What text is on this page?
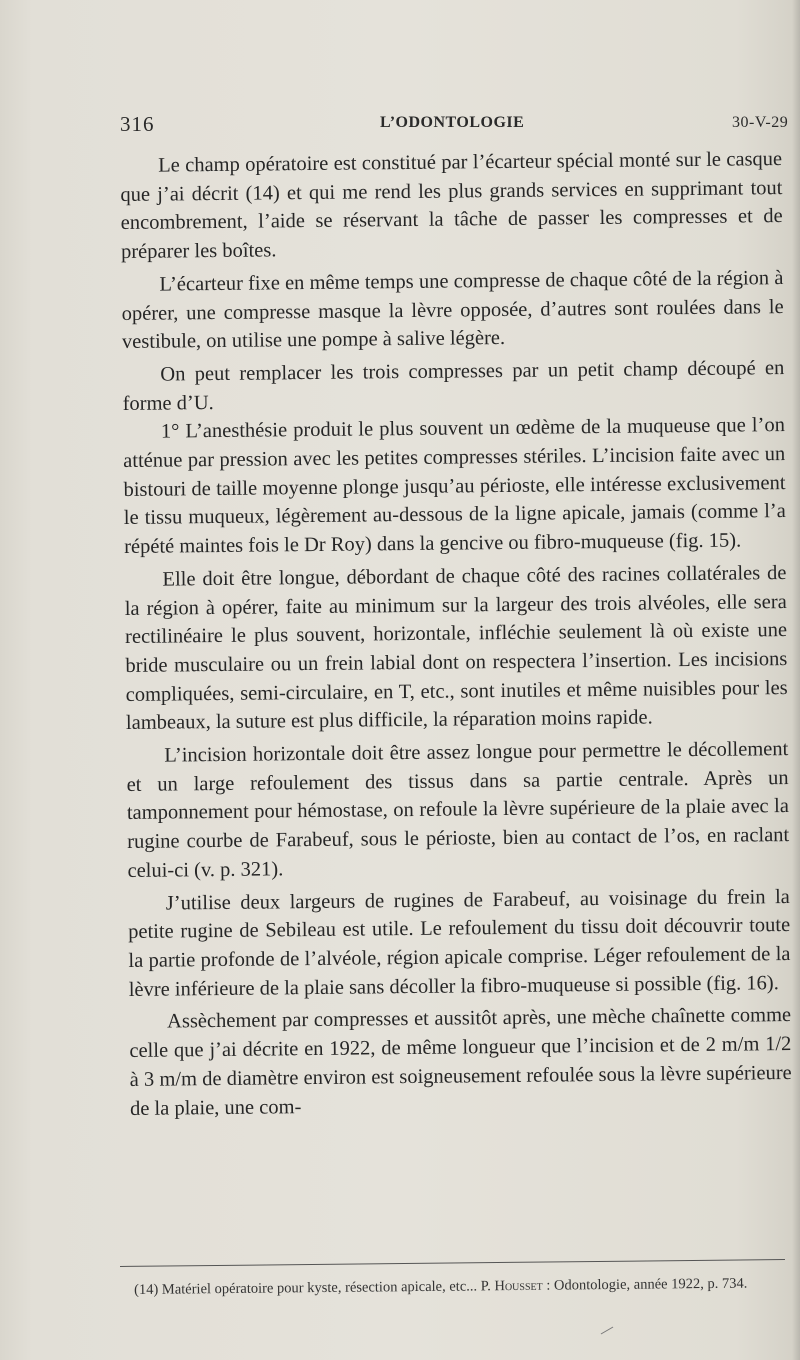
316	L’ODONTOLOGIE	30-V-29

Le champ opératoire est constitué par l’écarteur spécial monté sur le casque que j’ai décrit (14) et qui me rend les plus grands services en supprimant tout encombrement, l’aide se réservant la tâche de passer les compresses et de préparer les boîtes.

L’écarteur fixe en même temps une compresse de chaque côté de la région à opérer, une compresse masque la lèvre opposée, d’autres sont roulées dans le vestibule, on utilise une pompe à salive légère.

On peut remplacer les trois compresses par un petit champ découpé en forme d’U.

1° L’anesthésie produit le plus souvent un œdème de la muqueuse que l’on atténue par pression avec les petites compresses stériles. L’incision faite avec un bistouri de taille moyenne plonge jusqu’au périoste, elle intéresse exclusivement le tissu muqueux, légèrement au-dessous de la ligne apicale, jamais (comme l’a répété maintes fois le Dr Roy) dans la gencive ou fibro-muqueuse (fig. 15).

Elle doit être longue, débordant de chaque côté des racines collatérales de la région à opérer, faite au minimum sur la largeur des trois alvéoles, elle sera rectilinéaire le plus souvent, horizontale, infléchie seulement là où existe une bride musculaire ou un frein labial dont on respectera l’insertion. Les incisions compliquées, semi-circulaire, en T, etc., sont inutiles et même nuisibles pour les lambeaux, la suture est plus difficile, la réparation moins rapide.

L’incision horizontale doit être assez longue pour permettre le décollement et un large refoulement des tissus dans sa partie centrale. Après un tamponnement pour hémostase, on refoule la lèvre supérieure de la plaie avec la rugine courbe de Farabeuf, sous le périoste, bien au contact de l’os, en raclant celui-ci (v. p. 321).

J’utilise deux largeurs de rugines de Farabeuf, au voisinage du frein la petite rugine de Sebileau est utile. Le refoulement du tissu doit découvrir toute la partie profonde de l’alvéole, région apicale comprise. Léger refoulement de la lèvre inférieure de la plaie sans décoller la fibro-muqueuse si possible (fig. 16).

Assèchement par compresses et aussitôt après, une mèche chaînette comme celle que j’ai décrite en 1922, de même longueur que l’incision et de 2 m/m 1/2 à 3 m/m de diamètre environ est soigneusement refoulée sous la lèvre supérieure de la plaie, une com-

(14) Matériel opératoire pour kyste, résection apicale, etc... P. Housset : Odontologie, année 1922, p. 734.
